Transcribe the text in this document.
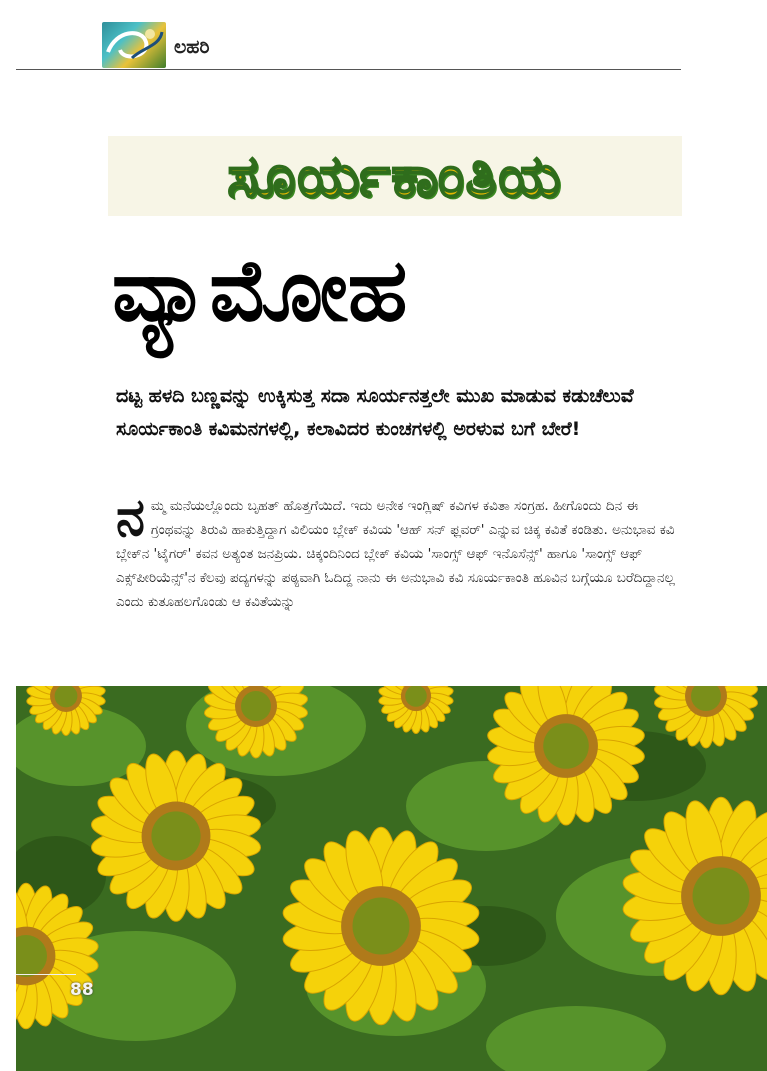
ಲಹರಿ
ಸೂರ್ಯಕಾಂತಿಯ
ವ್ಯಾಮೋಹ
ದಟ್ಟ ಹಳದಿ ಬಣ್ಣವನ್ನು ಉಕ್ಕಿಸುತ್ತ ಸದಾ ಸೂರ್ಯನತ್ತಲೇ ಮುಖ ಮಾಡುವ ಕಡುಚೆಲುವೆ ಸೂರ್ಯಕಾಂತಿ ಕವಿಮನಗಳಲ್ಲಿ, ಕಲಾವಿದರ ಕುಂಚಗಳಲ್ಲಿ ಅರಳುವ ಬಗೆ ಬೇರೆ!
ನಮ್ಮ ಮನೆಯಲ್ಲೊಂದು ಬೃಹತ್ ಹೊತ್ತಗೆಯಿದೆ. ಇದು ಅನೇಕ ಇಂಗ್ಲಿಷ್ ಕವಿಗಳ ಕವಿತಾ ಸಂಗ್ರಹ. ಹೀಗೊಂದು ದಿನ ಈ ಗ್ರಂಥವನ್ನು ತಿರುವಿ ಹಾಕುತ್ತಿದ್ದಾಗ ವಿಲಿಯಂ ಬ್ಲೇಕ್ ಕವಿಯ 'ಆಹ್ ಸನ್ ಫ್ಲವರ್' ಎನ್ನುವ ಚಿಕ್ಕ ಕವಿತೆ ಕಂಡಿತು. ಅನುಭಾವ ಕವಿ ಬ್ಲೇಕ್‌ನ 'ಟೈಗರ್' ಕವನ ಅತ್ಯಂತ ಜನಪ್ರಿಯ. ಚಿಕ್ಕಂದಿನಿಂದ ಬ್ಲೇಕ್ ಕವಿಯ 'ಸಾಂಗ್ಸ್ ಆಫ್ ಇನೊಸೆನ್ಸ್' ಹಾಗೂ 'ಸಾಂಗ್ಸ್ ಆಫ್ ಎಕ್ಸ್‌ಪೀರಿಯೆನ್ಸ್'ನ ಕೆಲವು ಪದ್ಯಗಳನ್ನು ಪಠ್ಯವಾಗಿ ಓದಿದ್ದ ನಾನು ಈ ಅನುಭಾವಿ ಕವಿ ಸೂರ್ಯಕಾಂತಿ ಹೂವಿನ ಬಗ್ಗೆಯೂ ಬರೆದಿದ್ದಾನಲ್ಲ ಎಂದು ಕುತೂಹಲಗೊಂಡು ಆ ಕವಿತೆಯನ್ನು
88
